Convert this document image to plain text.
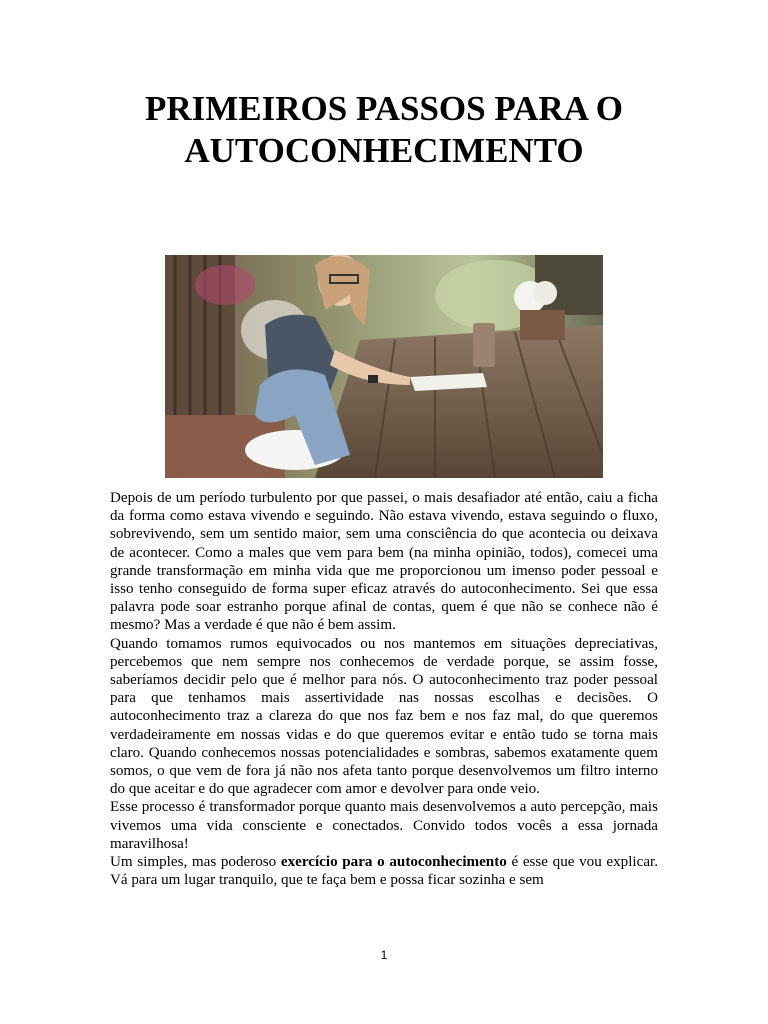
PRIMEIROS PASSOS PARA O
AUTOCONHECIMENTO

Depois de um período turbulento por que passei, o mais desafiador até então, caiu a ficha da forma como estava vivendo e seguindo. Não estava vivendo, estava seguindo o fluxo, sobrevivendo, sem um sentido maior, sem uma consciência do que acontecia ou deixava de acontecer. Como a males que vem para bem (na minha opinião, todos), comecei uma grande transformação em minha vida que me proporcionou um imenso poder pessoal e isso tenho conseguido de forma super eficaz através do autoconhecimento. Sei que essa palavra pode soar estranho porque afinal de contas, quem é que não se conhece não é mesmo? Mas a verdade é que não é bem assim.

Quando tomamos rumos equivocados ou nos mantemos em situações depreciativas, percebemos que nem sempre nos conhecemos de verdade porque, se assim fosse, saberíamos decidir pelo que é melhor para nós. O autoconhecimento traz poder pessoal para que tenhamos mais assertividade nas nossas escolhas e decisões. O autoconhecimento traz a clareza do que nos faz bem e nos faz mal, do que queremos verdadeiramente em nossas vidas e do que queremos evitar e então tudo se torna mais claro. Quando conhecemos nossas potencialidades e sombras, sabemos exatamente quem somos, o que vem de fora já não nos afeta tanto porque desenvolvemos um filtro interno do que aceitar e do que agradecer com amor e devolver para onde veio.

Esse processo é transformador porque quanto mais desenvolvemos a auto percepção, mais vivemos uma vida consciente e conectados. Convido todos vocês a essa jornada maravilhosa!

Um simples, mas poderoso exercício para o autoconhecimento é esse que vou explicar. Vá para um lugar tranquilo, que te faça bem e possa ficar sozinha e sem

1
